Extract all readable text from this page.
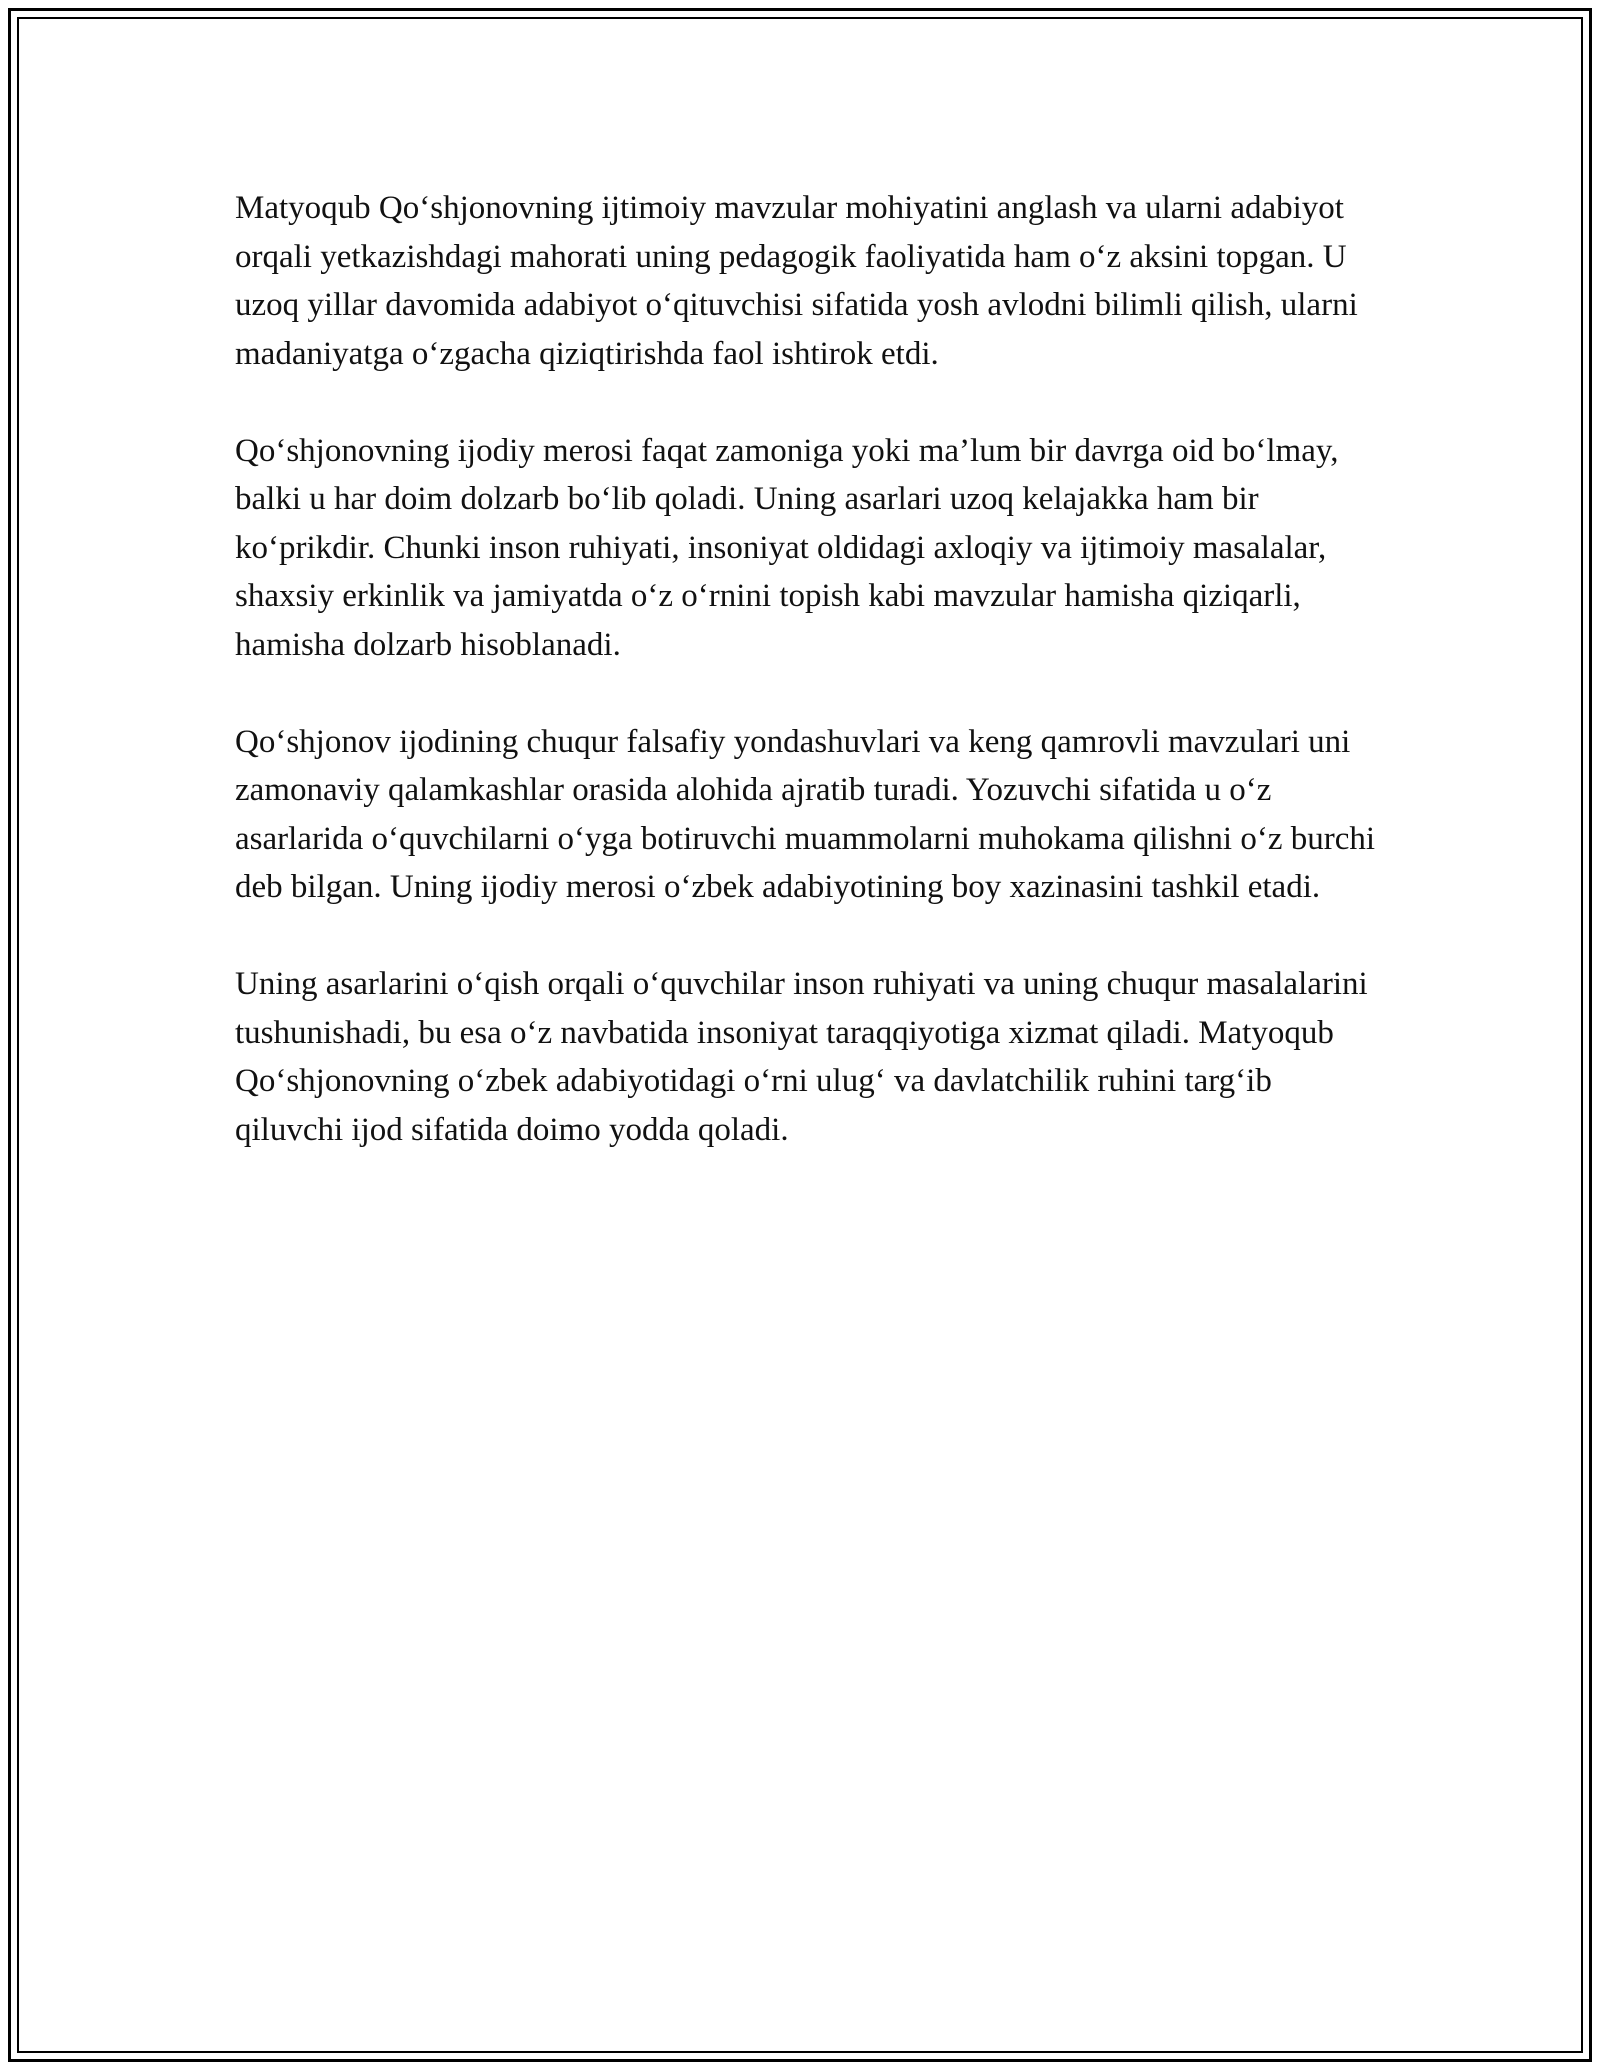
Matyoqub Qo‘shjonovning ijtimoiy mavzular mohiyatini anglash va ularni adabiyot orqali yetkazishdagi mahorati uning pedagogik faoliyatida ham o‘z aksini topgan. U uzoq yillar davomida adabiyot o‘qituvchisi sifatida yosh avlodni bilimli qilish, ularni madaniyatga o‘zgacha qiziqtirishda faol ishtirok etdi.

Qo‘shjonovning ijodiy merosi faqat zamoniga yoki ma’lum bir davrga oid bo‘lmay, balki u har doim dolzarb bo‘lib qoladi. Uning asarlari uzoq kelajakka ham bir ko‘prikdir. Chunki inson ruhiyati, insoniyat oldidagi axloqiy va ijtimoiy masalalar, shaxsiy erkinlik va jamiyatda o‘z o‘rnini topish kabi mavzular hamisha qiziqarli, hamisha dolzarb hisoblanadi.

Qo‘shjonov ijodining chuqur falsafiy yondashuvlari va keng qamrovli mavzulari uni zamonaviy qalamkashlar orasida alohida ajratib turadi. Yozuvchi sifatida u o‘z asarlarida o‘quvchilarni o‘yga botiruvchi muammolarni muhokama qilishni o‘z burchi deb bilgan. Uning ijodiy merosi o‘zbek adabiyotining boy xazinasini tashkil etadi.

Uning asarlarini o‘qish orqali o‘quvchilar inson ruhiyati va uning chuqur masalalarini tushunishadi, bu esa o‘z navbatida insoniyat taraqqiyotiga xizmat qiladi. Matyoqub Qo‘shjonovning o‘zbek adabiyotidagi o‘rni ulug‘ va davlatchilik ruhini targ‘ib qiluvchi ijod sifatida doimo yodda qoladi.
